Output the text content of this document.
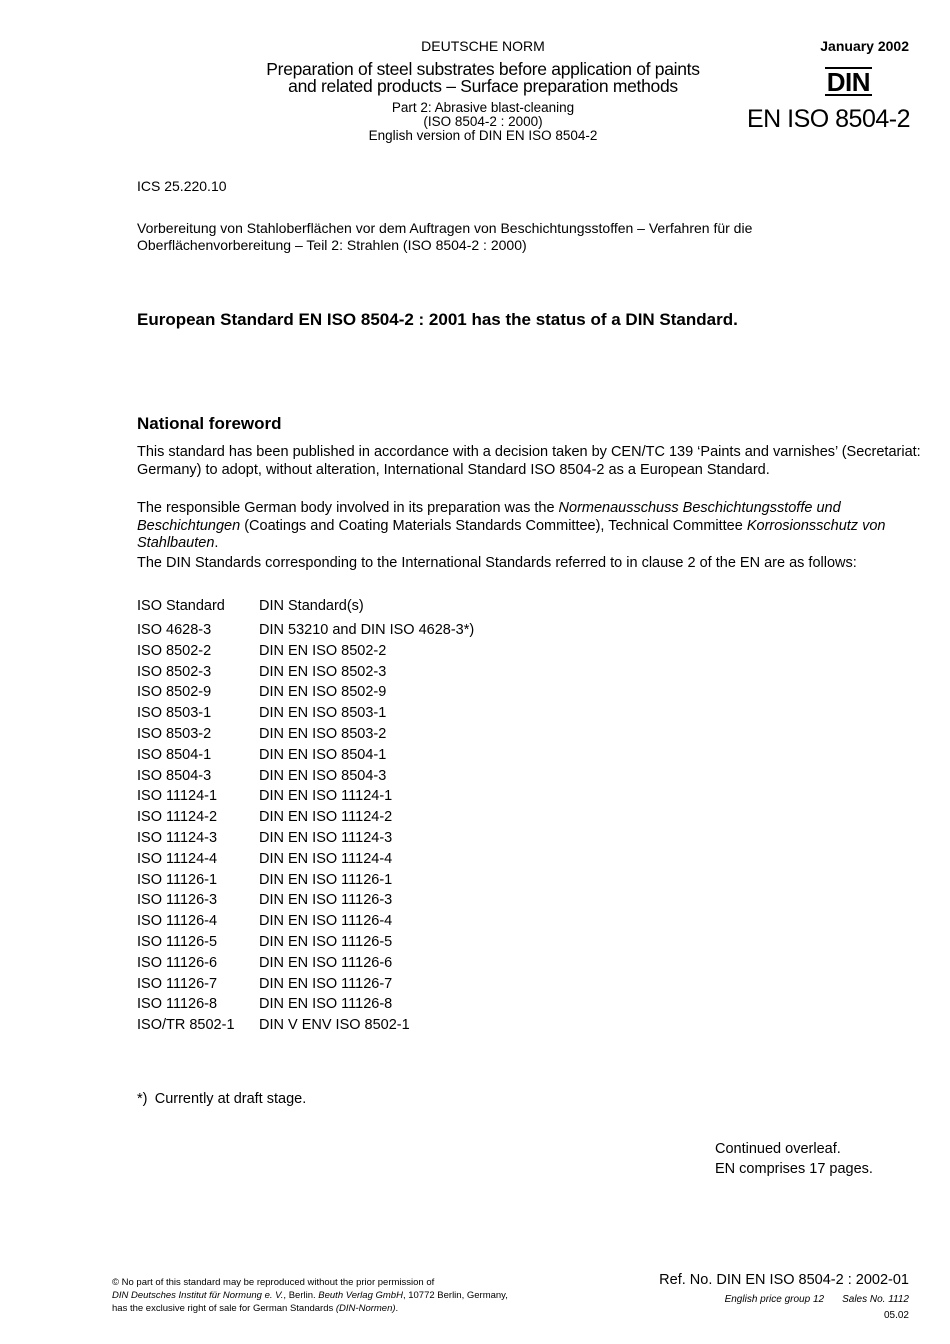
DEUTSCHE NORM	January 2002
Preparation of steel substrates before application of paints
and related products – Surface preparation methods
Part 2: Abrasive blast-cleaning
(ISO 8504-2 : 2000)
English version of DIN EN ISO 8504-2
DIN
EN ISO 8504-2
ICS 25.220.10
Vorbereitung von Stahloberflächen vor dem Auftragen von Beschichtungsstoffen – Verfahren für die
Oberflächenvorbereitung – Teil 2: Strahlen (ISO 8504-2 : 2000)
European Standard EN ISO 8504-2 : 2001 has the status of a DIN Standard.
National foreword
This standard has been published in accordance with a decision taken by CEN/TC 139 ‘Paints and varnishes’ (Secretariat: Germany) to adopt, without alteration, International Standard ISO 8504-2 as a European Standard.
The responsible German body involved in its preparation was the Normenausschuss Beschichtungsstoffe und Beschichtungen (Coatings and Coating Materials Standards Committee), Technical Committee Korrosionsschutz von Stahlbauten.
The DIN Standards corresponding to the International Standards referred to in clause 2 of the EN are as follows:
ISO Standard	DIN Standard(s)
ISO 4628-3	DIN 53210 and DIN ISO 4628-3*)
ISO 8502-2	DIN EN ISO 8502-2
ISO 8502-3	DIN EN ISO 8502-3
ISO 8502-9	DIN EN ISO 8502-9
ISO 8503-1	DIN EN ISO 8503-1
ISO 8503-2	DIN EN ISO 8503-2
ISO 8504-1	DIN EN ISO 8504-1
ISO 8504-3	DIN EN ISO 8504-3
ISO 11124-1	DIN EN ISO 11124-1
ISO 11124-2	DIN EN ISO 11124-2
ISO 11124-3	DIN EN ISO 11124-3
ISO 11124-4	DIN EN ISO 11124-4
ISO 11126-1	DIN EN ISO 11126-1
ISO 11126-3	DIN EN ISO 11126-3
ISO 11126-4	DIN EN ISO 11126-4
ISO 11126-5	DIN EN ISO 11126-5
ISO 11126-6	DIN EN ISO 11126-6
ISO 11126-7	DIN EN ISO 11126-7
ISO 11126-8	DIN EN ISO 11126-8
ISO/TR 8502-1	DIN V ENV ISO 8502-1
*) Currently at draft stage.
Continued overleaf.
EN comprises 17 pages.
© No part of this standard may be reproduced without the prior permission of
DIN Deutsches Institut für Normung e. V., Berlin. Beuth Verlag GmbH, 10772 Berlin, Germany,
has the exclusive right of sale for German Standards (DIN-Normen).
Ref. No. DIN EN ISO 8504-2 : 2002-01
English price group 12 Sales No. 1112
05.02
